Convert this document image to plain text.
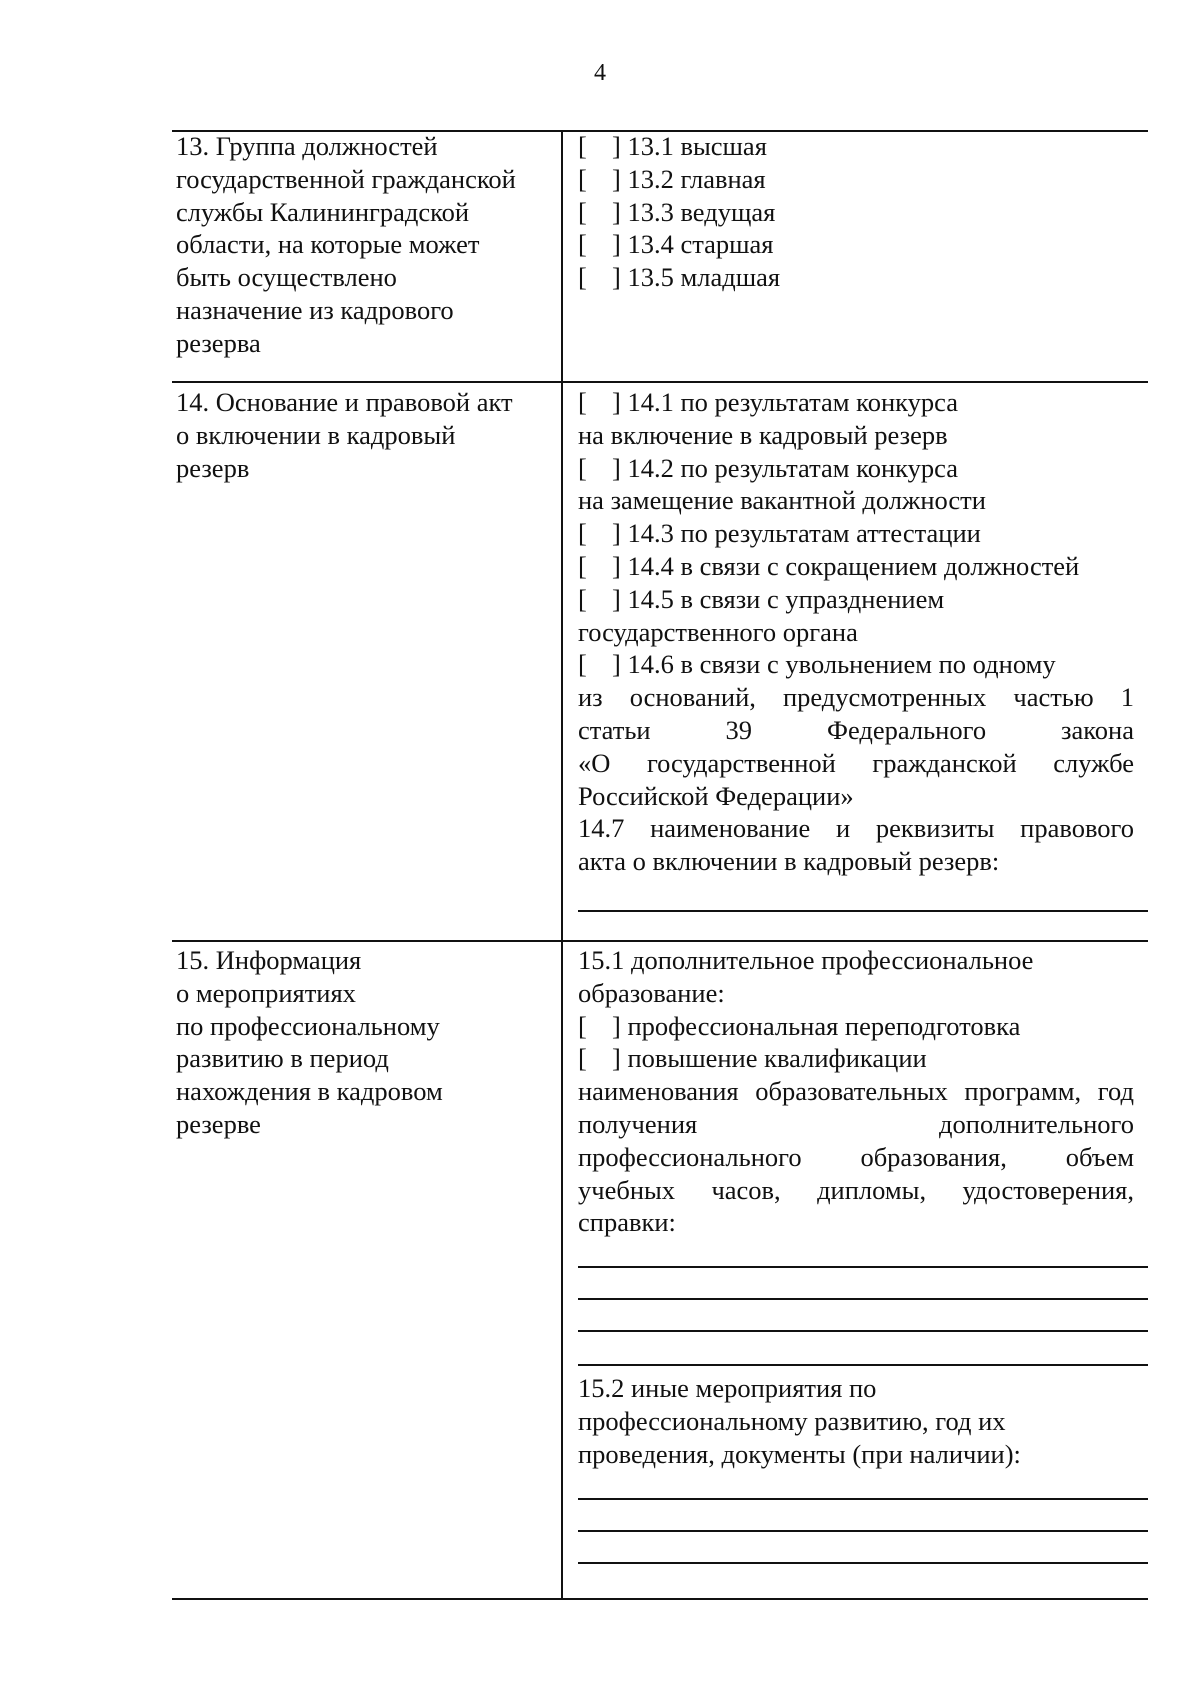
4
13. Группа должностей
государственной гражданской
службы Калининградской
области, на которые может
быть осуществлено
назначение из кадрового
резерва
[ ] 13.1 высшая
[ ] 13.2 главная
[ ] 13.3 ведущая
[ ] 13.4 старшая
[ ] 13.5 младшая
14. Основание и правовой акт
о включении в кадровый
резерв
[ ] 14.1 по результатам конкурса
на включение в кадровый резерв
[ ] 14.2 по результатам конкурса
на замещение вакантной должности
[ ] 14.3 по результатам аттестации
[ ] 14.4 в связи с сокращением должностей
[ ] 14.5 в связи с упразднением
государственного органа
[ ] 14.6 в связи с увольнением по одному
из оснований, предусмотренных частью 1
статьи 39 Федерального закона
«О государственной гражданской службе
Российской Федерации»
14.7 наименование и реквизиты правового
акта о включении в кадровый резерв:
15. Информация
о мероприятиях
по профессиональному
развитию в период
нахождения в кадровом
резерве
15.1 дополнительное профессиональное
образование:
[ ] профессиональная переподготовка
[ ] повышение квалификации
наименования образовательных программ, год
получения дополнительного
профессионального образования, объем
учебных часов, дипломы, удостоверения,
справки:
15.2 иные мероприятия по
профессиональному развитию, год их
проведения, документы (при наличии):
